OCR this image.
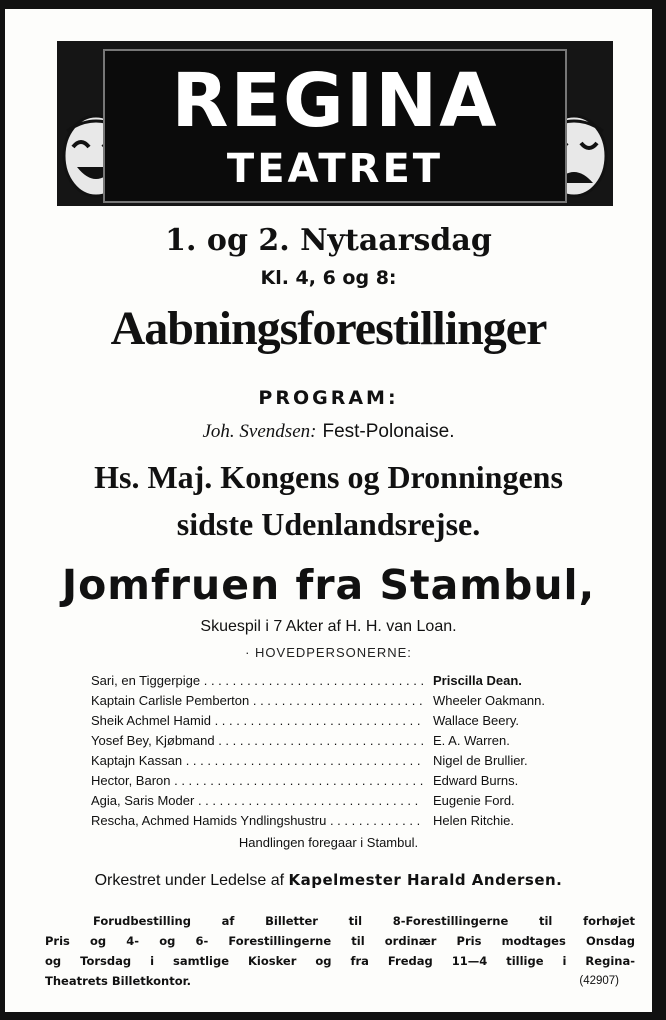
REGINA
TEATRET
1. og 2. Nytaarsdag
Kl. 4, 6 og 8:
Aabningsforestillinger
PROGRAM:
Joh. Svendsen: Fest-Polonaise.
Hs. Maj. Kongens og Dronningens
sidste Udenlandsrejse.
Jomfruen fra Stambul,
Skuespil i 7 Akter af H. H. van Loan.
· HOVEDPERSONERNE:
Sari, en Tiggerpige . . .	Priscilla Dean.
Kaptain Carlisle Pemberton . . .	Wheeler Oakmann.
Sheik Achmel Hamid . . .	Wallace Beery.
Yosef Bey, Kjøbmand . . .	E. A. Warren.
Kaptajn Kassan . . .	Nigel de Brullier.
Hector, Baron . . .	Edward Burns.
Agia, Saris Moder . . .	Eugenie Ford.
Rescha, Achmed Hamids Yndlingshustru . . .	Helen Ritchie.
Handlingen foregaar i Stambul.
Orkestret under Ledelse af Kapelmester Harald Andersen.
Forudbestilling af Billetter til 8-Forestillingerne til forhøjet
Pris og 4- og 6- Forestillingerne til ordinær Pris modtages Onsdag
og Torsdag i samtlige Kiosker og fra Fredag 11—4 tillige i Regina-
Theatrets Billetkontor.	(42907)
